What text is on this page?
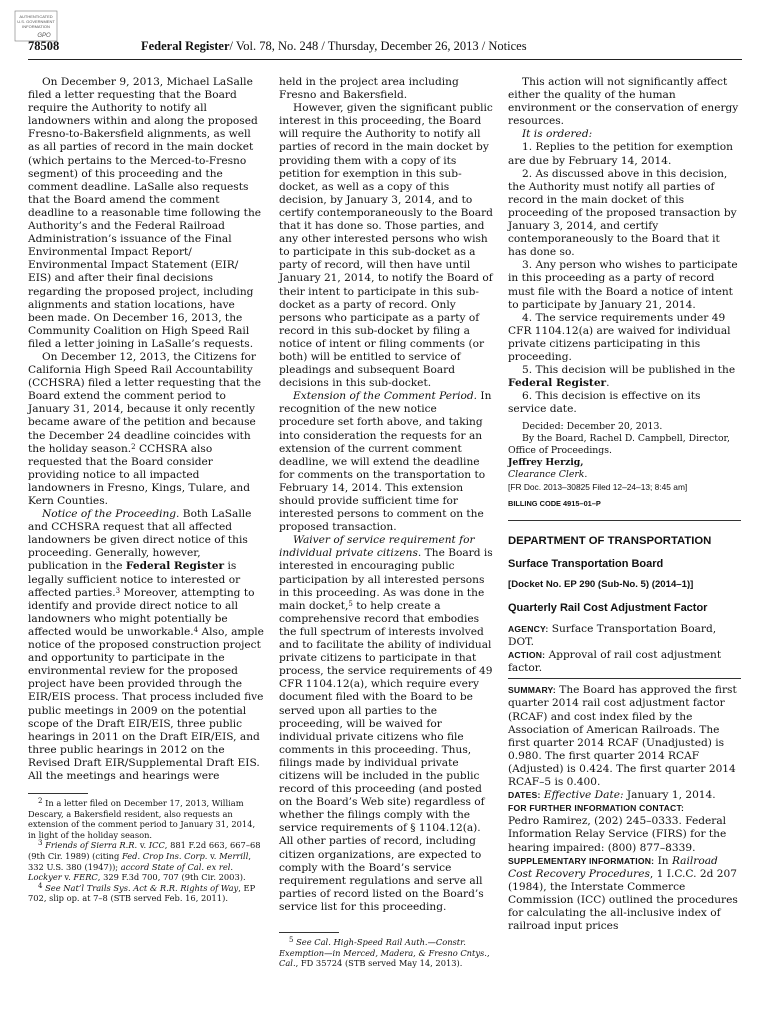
AUTHENTICATED
U.S. GOVERNMENT
INFORMATION
GPO
78508	Federal Register/ Vol. 78, No. 248 / Thursday, December 26, 2013 / Notices

On December 9, 2013, Michael LaSalle filed a letter requesting that the Board require the Authority to notify all landowners within and along the proposed Fresno-to-Bakersfield alignments, as well as all parties of record in the main docket (which pertains to the Merced-to-Fresno segment) of this proceeding and the comment deadline. LaSalle also requests that the Board amend the comment deadline to a reasonable time following the Authority’s and the Federal Railroad Administration’s issuance of the Final Environmental Impact Report/ Environmental Impact Statement (EIR/ EIS) and after their final decisions regarding the proposed project, including alignments and station locations, have been made. On December 16, 2013, the Community Coalition on High Speed Rail filed a letter joining in LaSalle’s requests.

On December 12, 2013, the Citizens for California High Speed Rail Accountability (CCHSRA) filed a letter requesting that the Board extend the comment period to January 31, 2014, because it only recently became aware of the petition and because the December 24 deadline coincides with the holiday season.$^2$ CCHSRA also requested that the Board consider providing notice to all impacted landowners in Fresno, Kings, Tulare, and Kern Counties.

Notice of the Proceeding. Both LaSalle and CCHSRA request that all affected landowners be given direct notice of this proceeding. Generally, however, publication in the Federal Register is legally sufficient notice to interested or affected parties.$^3$ Moreover, attempting to identify and provide direct notice to all landowners who might potentially be affected would be unworkable.$^4$ Also, ample notice of the proposed construction project and opportunity to participate in the environmental review for the proposed project have been provided through the EIR/EIS process. That process included five public meetings in 2009 on the potential scope of the Draft EIR/EIS, three public hearings in 2011 on the Draft EIR/EIS, and three public hearings in 2012 on the Revised Draft EIR/Supplemental Draft EIS. All the meetings and hearings were

$^2$ In a letter filed on December 17, 2013, William Descary, a Bakersfield resident, also requests an extension of the comment period to January 31, 2014, in light of the holiday season.

$^3$ Friends of Sierra R.R. v. ICC, 881 F.2d 663, 667–68 (9th Cir. 1989) (citing Fed. Crop Ins. Corp. v. Merrill, 332 U.S. 380 (1947)); accord State of Cal. ex rel. Lockyer v. FERC, 329 F.3d 700, 707 (9th Cir. 2003).

$^4$ See Nat’l Trails Sys. Act & R.R. Rights of Way, EP 702, slip op. at 7–8 (STB served Feb. 16, 2011).

held in the project area including Fresno and Bakersfield.

However, given the significant public interest in this proceeding, the Board will require the Authority to notify all parties of record in the main docket by providing them with a copy of its petition for exemption in this sub-docket, as well as a copy of this decision, by January 3, 2014, and to certify contemporaneously to the Board that it has done so. Those parties, and any other interested persons who wish to participate in this sub-docket as a party of record, will then have until January 21, 2014, to notify the Board of their intent to participate in this sub-docket as a party of record. Only persons who participate as a party of record in this sub-docket by filing a notice of intent or filing comments (or both) will be entitled to service of pleadings and subsequent Board decisions in this sub-docket.

Extension of the Comment Period. In recognition of the new notice procedure set forth above, and taking into consideration the requests for an extension of the current comment deadline, we will extend the deadline for comments on the transportation to February 14, 2014. This extension should provide sufficient time for interested persons to comment on the proposed transaction.

Waiver of service requirement for individual private citizens. The Board is interested in encouraging public participation by all interested persons in this proceeding. As was done in the main docket,$^5$ to help create a comprehensive record that embodies the full spectrum of interests involved and to facilitate the ability of individual private citizens to participate in that process, the service requirements of 49 CFR 1104.12(a), which require every document filed with the Board to be served upon all parties to the proceeding, will be waived for individual private citizens who file comments in this proceeding. Thus, filings made by individual private citizens will be included in the public record of this proceeding (and posted on the Board’s Web site) regardless of whether the filings comply with the service requirements of § 1104.12(a). All other parties of record, including citizen organizations, are expected to comply with the Board’s service requirement regulations and serve all parties of record listed on the Board’s service list for this proceeding.

$^5$ See Cal. High-Speed Rail Auth.—Constr. Exemption—in Merced, Madera, & Fresno Cntys., Cal., FD 35724 (STB served May 14, 2013).

This action will not significantly affect either the quality of the human environment or the conservation of energy resources.

It is ordered:

1. Replies to the petition for exemption are due by February 14, 2014.

2. As discussed above in this decision, the Authority must notify all parties of record in the main docket of this proceeding of the proposed transaction by January 3, 2014, and certify contemporaneously to the Board that it has done so.

3. Any person who wishes to participate in this proceeding as a party of record must file with the Board a notice of intent to participate by January 21, 2014.

4. The service requirements under 49 CFR 1104.12(a) are waived for individual private citizens participating in this proceeding.

5. This decision will be published in the Federal Register.

6. This decision is effective on its service date.

Decided: December 20, 2013.

By the Board, Rachel D. Campbell, Director, Office of Proceedings.

Jeffrey Herzig,

Clearance Clerk.

[FR Doc. 2013–30825 Filed 12–24–13; 8:45 am]

BILLING CODE 4915–01–P

DEPARTMENT OF TRANSPORTATION

Surface Transportation Board

[Docket No. EP 290 (Sub-No. 5) (2014–1)]

Quarterly Rail Cost Adjustment Factor

AGENCY: Surface Transportation Board, DOT.

ACTION: Approval of rail cost adjustment factor.

SUMMARY: The Board has approved the first quarter 2014 rail cost adjustment factor (RCAF) and cost index filed by the Association of American Railroads. The first quarter 2014 RCAF (Unadjusted) is 0.980. The first quarter 2014 RCAF (Adjusted) is 0.424. The first quarter 2014 RCAF–5 is 0.400.

DATES: Effective Date: January 1, 2014.

FOR FURTHER INFORMATION CONTACT:
Pedro Ramirez, (202) 245–0333. Federal Information Relay Service (FIRS) for the hearing impaired: (800) 877–8339.

SUPPLEMENTARY INFORMATION: In Railroad Cost Recovery Procedures, 1 I.C.C. 2d 207 (1984), the Interstate Commerce Commission (ICC) outlined the procedures for calculating the all-inclusive index of railroad input prices
